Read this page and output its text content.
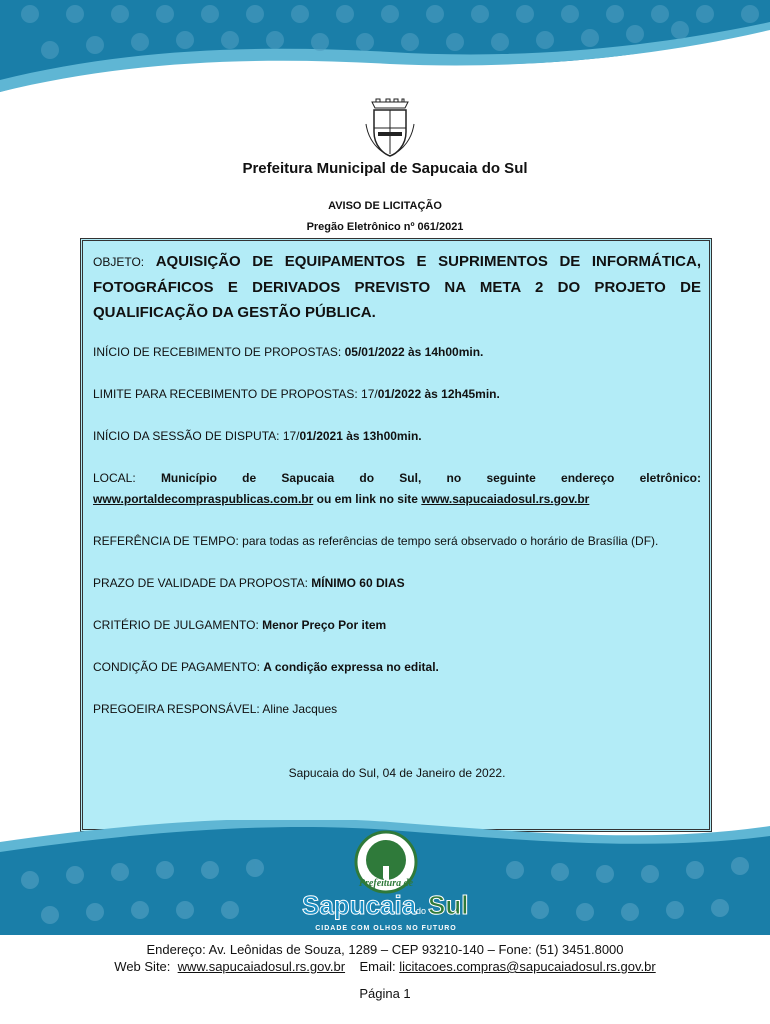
Prefeitura Municipal de Sapucaia do Sul
AVISO DE LICITAÇÃO
Pregão Eletrônico nº 061/2021
OBJETO: AQUISIÇÃO DE EQUIPAMENTOS E SUPRIMENTOS DE INFORMÁTICA, FOTOGRÁFICOS E DERIVADOS PREVISTO NA META 2 DO PROJETO DE QUALIFICAÇÃO DA GESTÃO PÚBLICA.
INÍCIO DE RECEBIMENTO DE PROPOSTAS: 05/01/2022 às 14h00min.
LIMITE PARA RECEBIMENTO DE PROPOSTAS: 17/01/2022 às 12h45min.
INÍCIO DA SESSÃO DE DISPUTA: 17/01/2021 às 13h00min.
LOCAL: Município de Sapucaia do Sul, no seguinte endereço eletrônico:
www.portaldecompraspublicas.com.br ou em link no site www.sapucaiadosul.rs.gov.br
REFERÊNCIA DE TEMPO: para todas as referências de tempo será observado o horário de Brasília (DF).
PRAZO DE VALIDADE DA PROPOSTA: MÍNIMO 60 DIAS
CRITÉRIO DE JULGAMENTO: Menor Preço Por item
CONDIÇÃO DE PAGAMENTO: A condição expressa no edital.
PREGOEIRA RESPONSÁVEL: Aline Jacques
Sapucaia do Sul, 04 de Janeiro de 2022.
Prefeitura de
Sapucaia do Sul
CIDADE COM OLHOS NO FUTURO
Endereço: Av. Leônidas de Souza, 1289 – CEP 93210-140 – Fone: (51) 3451.8000
Web Site: www.sapucaiadosul.rs.gov.br Email: licitacoes.compras@sapucaiadosul.rs.gov.br
Página 1
